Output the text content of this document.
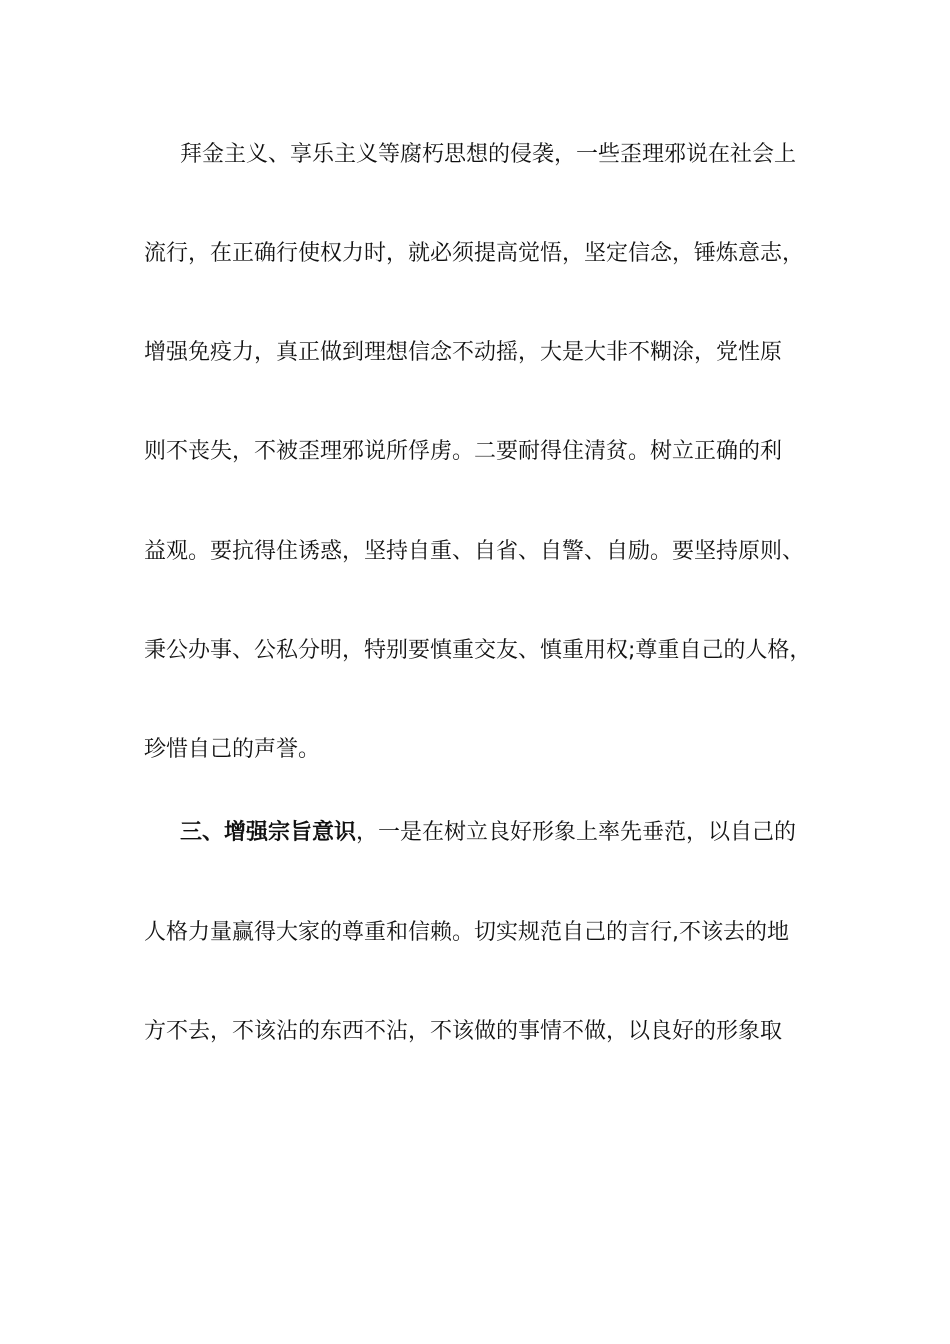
拜金主义、享乐主义等腐朽思想的侵袭，一些歪理邪说在社会上
流行，在正确行使权力时，就必须提高觉悟，坚定信念，锤炼意志，
增强免疫力，真正做到理想信念不动摇，大是大非不糊涂，党性原
则不丧失，不被歪理邪说所俘虏。二要耐得住清贫。树立正确的利
益观。要抗得住诱惑，坚持自重、自省、自警、自励。要坚持原则、
秉公办事、公私分明，特别要慎重交友、慎重用权;尊重自己的人格，
珍惜自己的声誉。
三、增强宗旨意识，一是在树立良好形象上率先垂范，以自己的
人格力量赢得大家的尊重和信赖。切实规范自己的言行,不该去的地
方不去，不该沾的东西不沾，不该做的事情不做，以良好的形象取
